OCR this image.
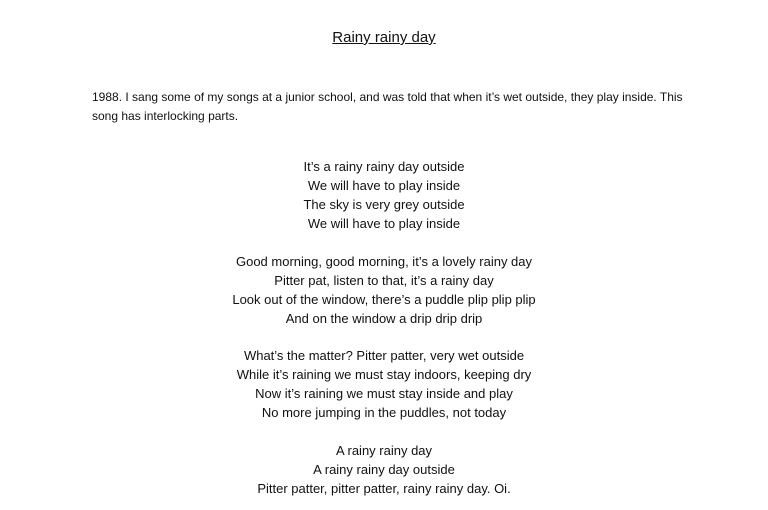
Rainy rainy day
1988. I sang some of my songs at a junior school, and was told that when it’s wet outside, they play inside. This song has interlocking parts.
It’s a rainy rainy day outside
We will have to play inside
The sky is very grey outside
We will have to play inside
Good morning, good morning, it’s a lovely rainy day
Pitter pat, listen to that, it’s a rainy day
Look out of the window, there’s a puddle plip plip plip
And on the window a drip drip drip
What’s the matter? Pitter patter, very wet outside
While it’s raining we must stay indoors, keeping dry
Now it’s raining we must stay inside and play
No more jumping in the puddles, not today
A rainy rainy day
A rainy rainy day outside
Pitter patter, pitter patter, rainy rainy day. Oi.
